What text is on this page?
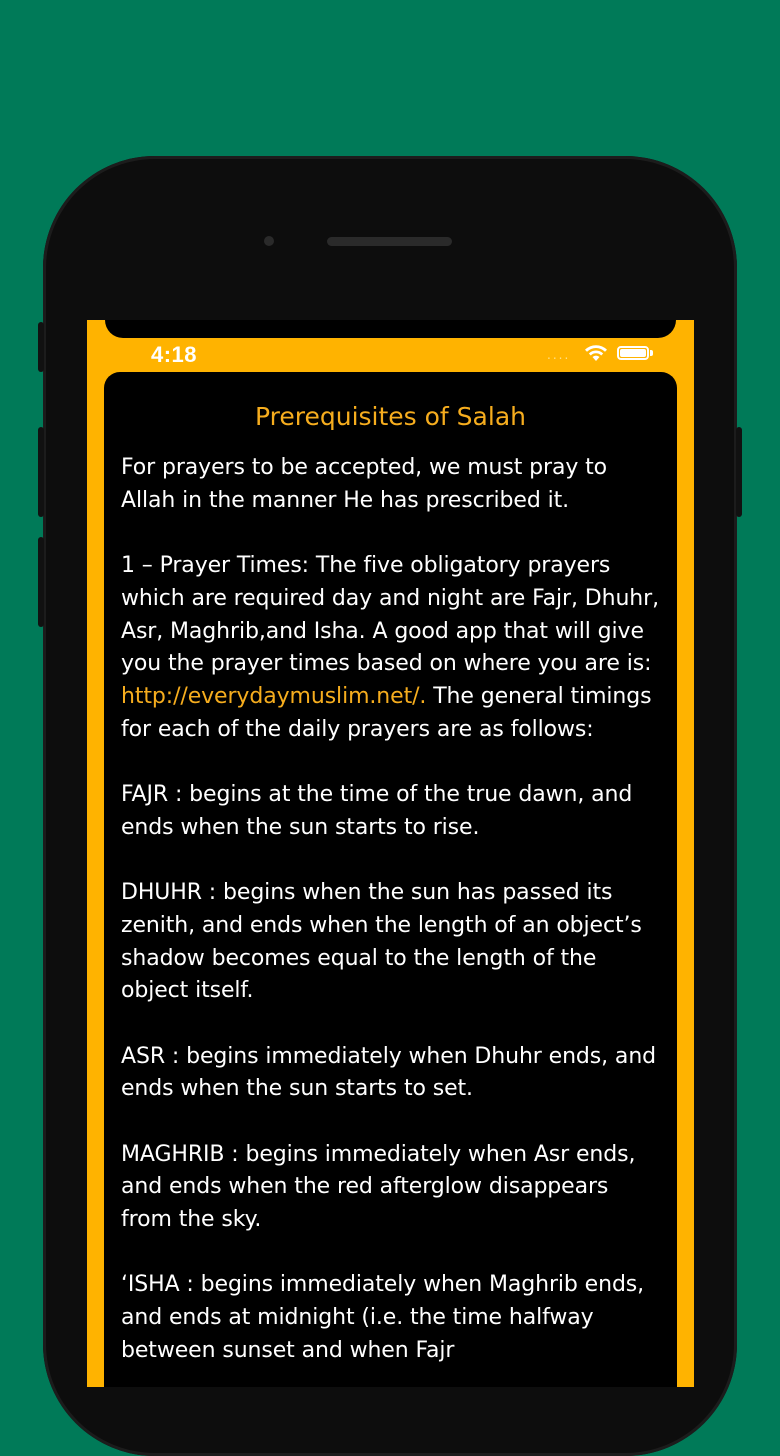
4:18	....
Prerequisites of Salah

For prayers to be accepted, we must pray to Allah in the manner He has prescribed it.

1 – Prayer Times: The five obligatory prayers which are required day and night are Fajr, Dhuhr, Asr, Maghrib,and Isha. A good app that will give you the prayer times based on where you are is: http://everydaymuslim.net/. The general timings for each of the daily prayers are as follows:

FAJR : begins at the time of the true dawn, and ends when the sun starts to rise.

DHUHR : begins when the sun has passed its zenith, and ends when the length of an object’s shadow becomes equal to the length of the object itself.

ASR : begins immediately when Dhuhr ends, and ends when the sun starts to set.

MAGHRIB : begins immediately when Asr ends, and ends when the red afterglow disappears from the sky.

‘ISHA : begins immediately when Maghrib ends, and ends at midnight (i.e. the time halfway between sunset and when Fajr
